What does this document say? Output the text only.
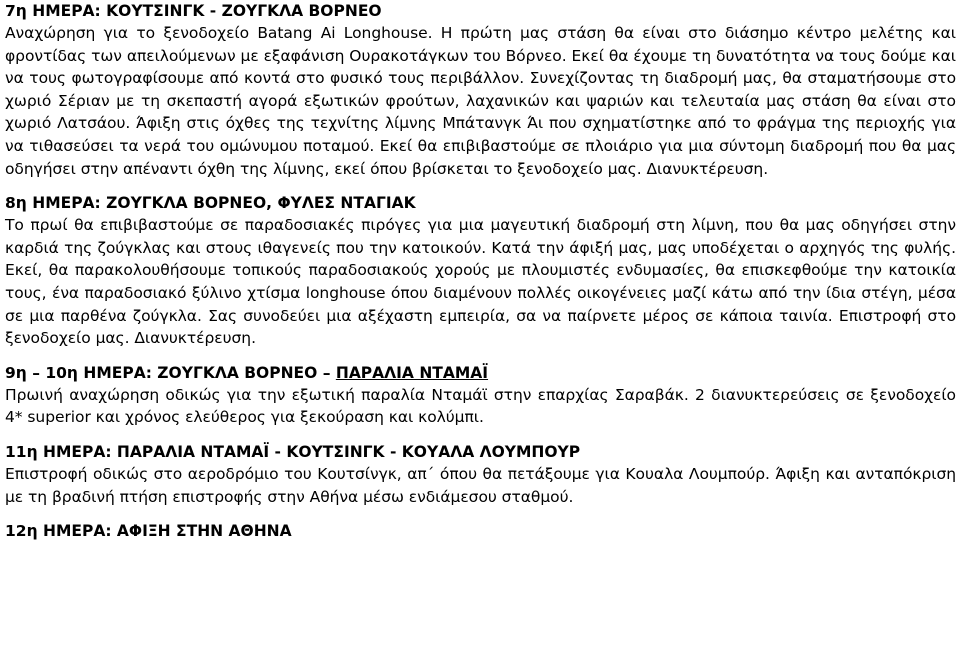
7η ΗΜΕΡΑ: ΚΟΥΤΣΙΝΓΚ - ΖΟΥΓΚΛΑ ΒΟΡΝΕΟ

Αναχώρηση για το ξενοδοχείο Batang Ai Longhouse. Η πρώτη μας στάση θα είναι στο διάσημο κέντρο μελέτης και φροντίδας των απειλούμενων με εξαφάνιση Ουρακοτάγκων του Βόρνεο. Εκεί θα έχουμε τη δυνατότητα να τους δούμε και να τους φωτογραφίσουμε από κοντά στο φυσικό τους περιβάλλον. Συνεχίζοντας τη διαδρομή μας, θα σταματήσουμε στο χωριό Σέριαν με τη σκεπαστή αγορά εξωτικών φρούτων, λαχανικών και ψαριών και τελευταία μας στάση θα είναι στο χωριό Λατσάου. Άφιξη στις όχθες της τεχνίτης λίμνης Μπάτανγκ Άι που σχηματίστηκε από το φράγμα της περιοχής για να τιθασεύσει τα νερά του ομώνυμου ποταμού. Εκεί θα επιβιβαστούμε σε πλοιάριο για μια σύντομη διαδρομή που θα μας οδηγήσει στην απέναντι όχθη της λίμνης, εκεί όπου βρίσκεται το ξενοδοχείο μας. Διανυκτέρευση.

8η ΗΜΕΡΑ: ΖΟΥΓΚΛΑ ΒΟΡΝΕΟ, ΦΥΛΕΣ ΝΤΑΓΙΑΚ

Το πρωί θα επιβιβαστούμε σε παραδοσιακές πιρόγες για μια μαγευτική διαδρομή στη λίμνη, που θα μας οδηγήσει στην καρδιά της ζούγκλας και στους ιθαγενείς που την κατοικούν. Κατά την άφιξή μας, μας υποδέχεται ο αρχηγός της φυλής. Εκεί, θα παρακολουθήσουμε τοπικούς παραδοσιακούς χορούς με πλουμιστές ενδυμασίες, θα επισκεφθούμε την κατοικία τους, ένα παραδοσιακό ξύλινο χτίσμα longhouse όπου διαμένουν πολλές οικογένειες μαζί κάτω από την ίδια στέγη, μέσα σε μια παρθένα ζούγκλα. Σας συνοδεύει μια αξέχαστη εμπειρία, σα να παίρνετε μέρος σε κάποια ταινία. Επιστροφή στο ξενοδοχείο μας. Διανυκτέρευση.

9η – 10η ΗΜΕΡΑ: ΖΟΥΓΚΛΑ ΒΟΡΝΕΟ – ΠΑΡΑΛΙΑ ΝΤΑΜΑΪ

Πρωινή αναχώρηση οδικώς για την εξωτική παραλία Νταμάϊ στην επαρχίας Σαραβάκ. 2 διανυκτερεύσεις σε ξενοδοχείο 4* superior και χρόνος ελεύθερος για ξεκούραση και κολύμπι.

11η ΗΜΕΡΑ: ΠΑΡΑΛΙΑ ΝΤΑΜΑΪ - ΚΟΥΤΣΙΝΓΚ - ΚΟΥΑΛΑ ΛΟΥΜΠΟΥΡ

Επιστροφή οδικώς στο αεροδρόμιο του Κουτσίνγκ, απ΄ όπου θα πετάξουμε για Κουαλα Λουμπούρ. Άφιξη και ανταπόκριση με τη βραδινή πτήση επιστροφής στην Αθήνα μέσω ενδιάμεσου σταθμού.

12η ΗΜΕΡΑ: ΑΦΙΞΗ ΣΤΗΝ ΑΘΗΝΑ
